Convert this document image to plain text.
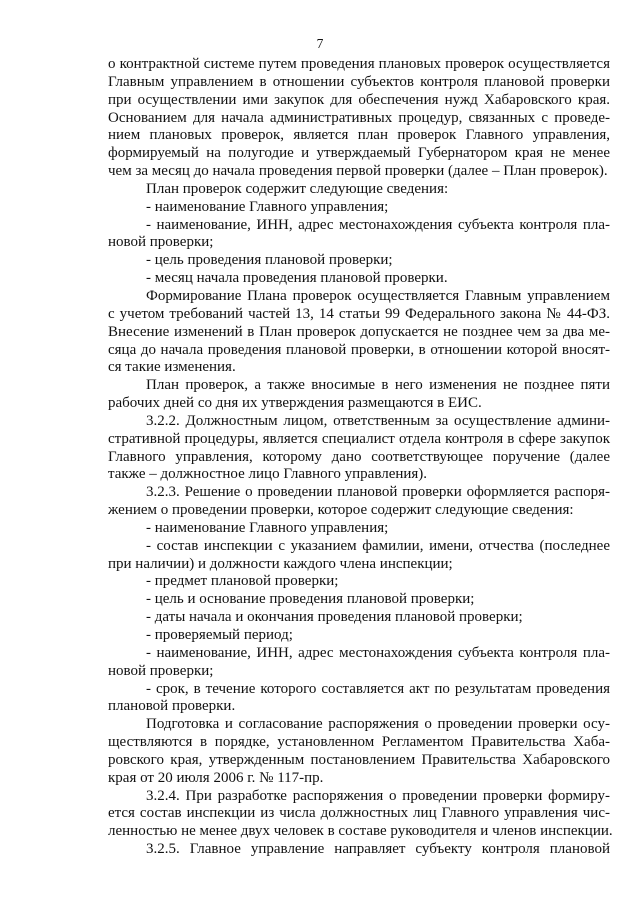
7
о контрактной системе путем проведения плановых проверок осуществляется
Главным управлением в отношении субъектов контроля плановой проверки
при осуществлении ими закупок для обеспечения нужд Хабаровского края.
Основанием для начала административных процедур, связанных с проведе-
нием плановых проверок, является план проверок Главного управления,
формируемый на полугодие и утверждаемый Губернатором края не менее
чем за месяц до начала проведения первой проверки (далее – План проверок).
План проверок содержит следующие сведения:
- наименование Главного управления;
- наименование, ИНН, адрес местонахождения субъекта контроля пла-
новой проверки;
- цель проведения плановой проверки;
- месяц начала проведения плановой проверки.
Формирование Плана проверок осуществляется Главным управлением
с учетом требований частей 13, 14 статьи 99 Федерального закона № 44-ФЗ.
Внесение изменений в План проверок допускается не позднее чем за два ме-
сяца до начала проведения плановой проверки, в отношении которой вносят-
ся такие изменения.
План проверок, а также вносимые в него изменения не позднее пяти
рабочих дней со дня их утверждения размещаются в ЕИС.
3.2.2. Должностным лицом, ответственным за осуществление админи-
стративной процедуры, является специалист отдела контроля в сфере закупок
Главного управления, которому дано соответствующее поручение (далее
также – должностное лицо Главного управления).
3.2.3. Решение о проведении плановой проверки оформляется распоря-
жением о проведении проверки, которое содержит следующие сведения:
- наименование Главного управления;
- состав инспекции с указанием фамилии, имени, отчества (последнее
при наличии) и должности каждого члена инспекции;
- предмет плановой проверки;
- цель и основание проведения плановой проверки;
- даты начала и окончания проведения плановой проверки;
- проверяемый период;
- наименование, ИНН, адрес местонахождения субъекта контроля пла-
новой проверки;
- срок, в течение которого составляется акт по результатам проведения
плановой проверки.
Подготовка и согласование распоряжения о проведении проверки осу-
ществляются в порядке, установленном Регламентом Правительства Хаба-
ровского края, утвержденным постановлением Правительства Хабаровского
края от 20 июля 2006 г. № 117-пр.
3.2.4. При разработке распоряжения о проведении проверки формиру-
ется состав инспекции из числа должностных лиц Главного управления чис-
ленностью не менее двух человек в составе руководителя и членов инспекции.
3.2.5. Главное управление направляет субъекту контроля плановой
